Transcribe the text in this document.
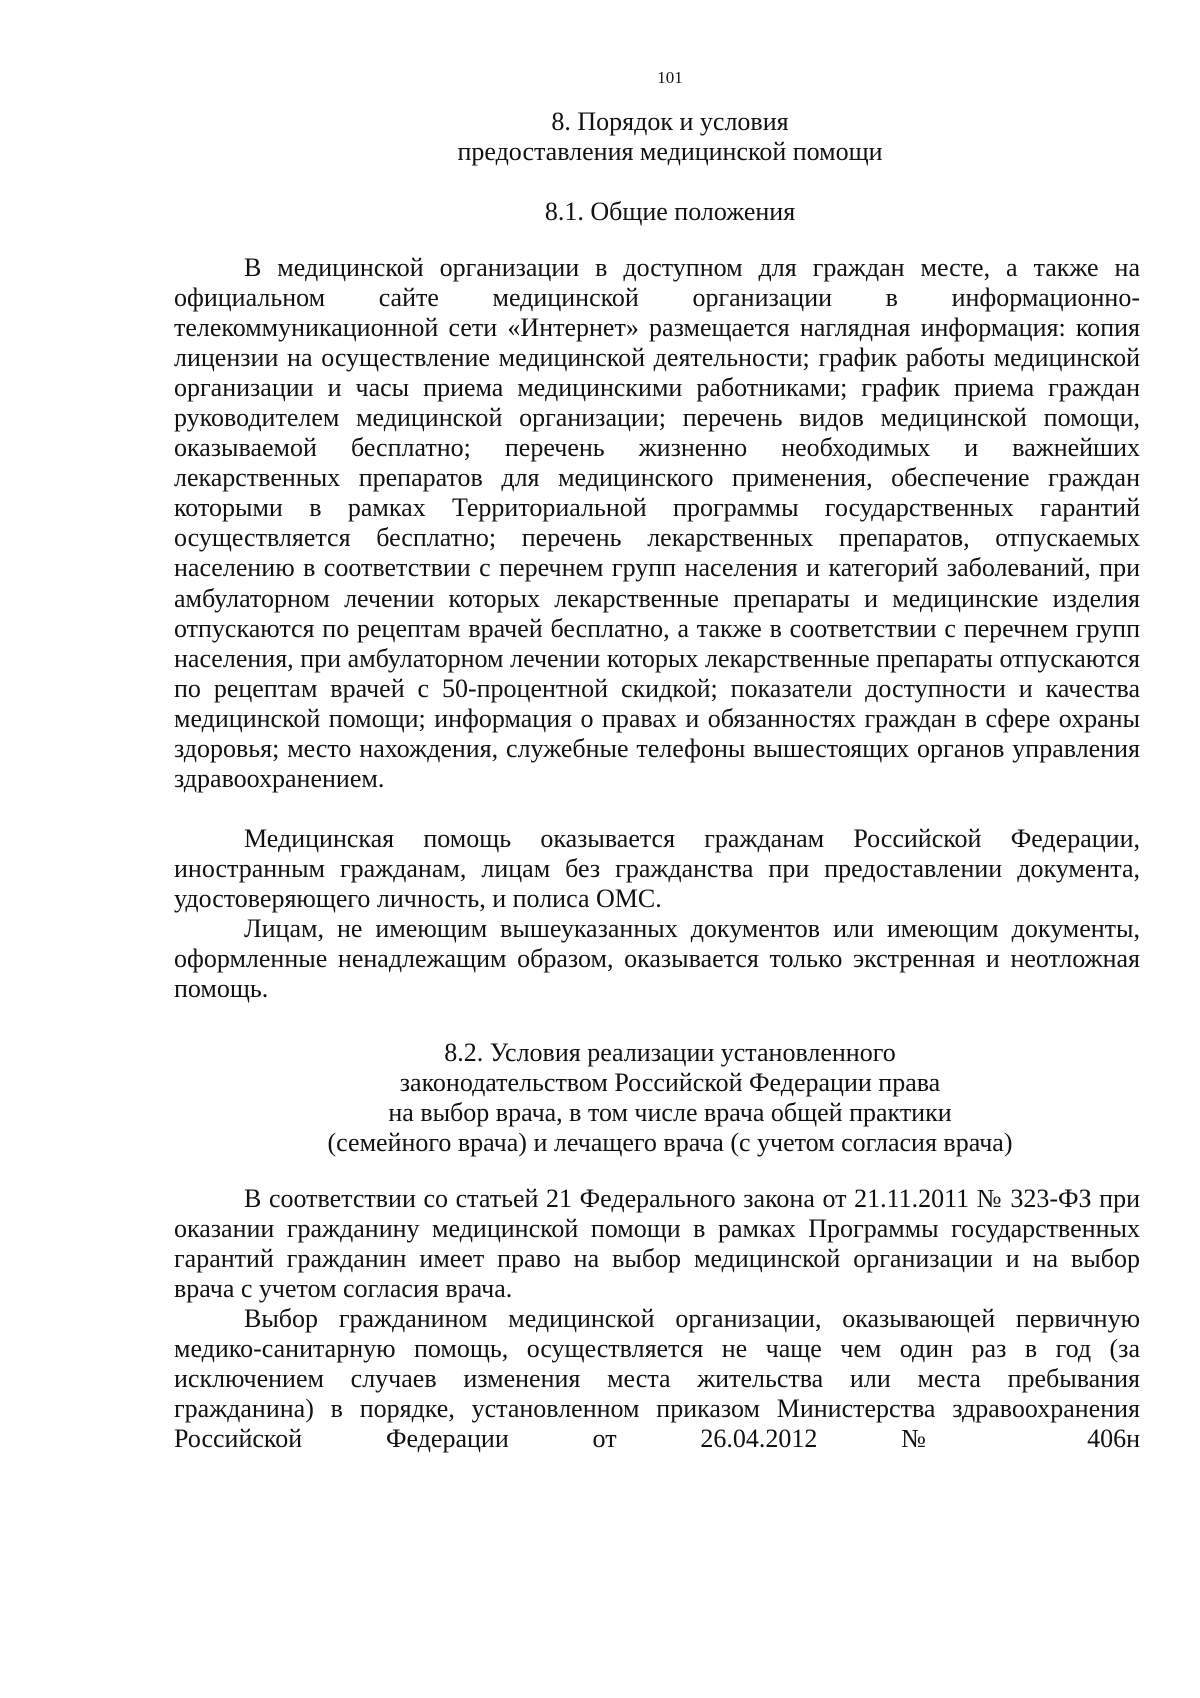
101
8. Порядок и условия
предоставления медицинской помощи
8.1. Общие положения

В медицинской организации в доступном для граждан месте, а также на официальном сайте медицинской организации в информационно-телекоммуникационной сети «Интернет» размещается наглядная информация: копия лицензии на осуществление медицинской деятельности; график работы медицинской организации и часы приема медицинскими работниками; график приема граждан руководителем медицинской организации; перечень видов медицинской помощи, оказываемой бесплатно; перечень жизненно необходимых и важнейших лекарственных препаратов для медицинского применения, обеспечение граждан которыми в рамках Территориальной программы государственных гарантий осуществляется бесплатно; перечень лекарственных препаратов, отпускаемых населению в соответствии с перечнем групп населения и категорий заболеваний, при амбулаторном лечении которых лекарственные препараты и медицинские изделия отпускаются по рецептам врачей бесплатно, а также в соответствии с перечнем групп населения, при амбулаторном лечении которых лекарственные препараты отпускаются по рецептам врачей с 50-процентной скидкой; показатели доступности и качества медицинской помощи; информация о правах и обязанностях граждан в сфере охраны здоровья; место нахождения, служебные телефоны вышестоящих органов управления здравоохранением.

Медицинская помощь оказывается гражданам Российской Федерации, иностранным гражданам, лицам без гражданства при предоставлении документа, удостоверяющего личность, и полиса ОМС.

Лицам, не имеющим вышеуказанных документов или имеющим документы, оформленные ненадлежащим образом, оказывается только экстренная и неотложная помощь.

8.2. Условия реализации установленного
законодательством Российской Федерации права
на выбор врача, в том числе врача общей практики
(семейного врача) и лечащего врача (с учетом согласия врача)

В соответствии со статьей 21 Федерального закона от 21.11.2011 № 323-ФЗ при оказании гражданину медицинской помощи в рамках Программы государственных гарантий гражданин имеет право на выбор медицинской организации и на выбор врача с учетом согласия врача.

Выбор гражданином медицинской организации, оказывающей первичную медико-санитарную помощь, осуществляется не чаще чем один раз в год (за исключением случаев изменения места жительства или места пребывания гражданина) в порядке, установленном приказом Министерства здравоохранения Российской Федерации от 26.04.2012 № 406н
